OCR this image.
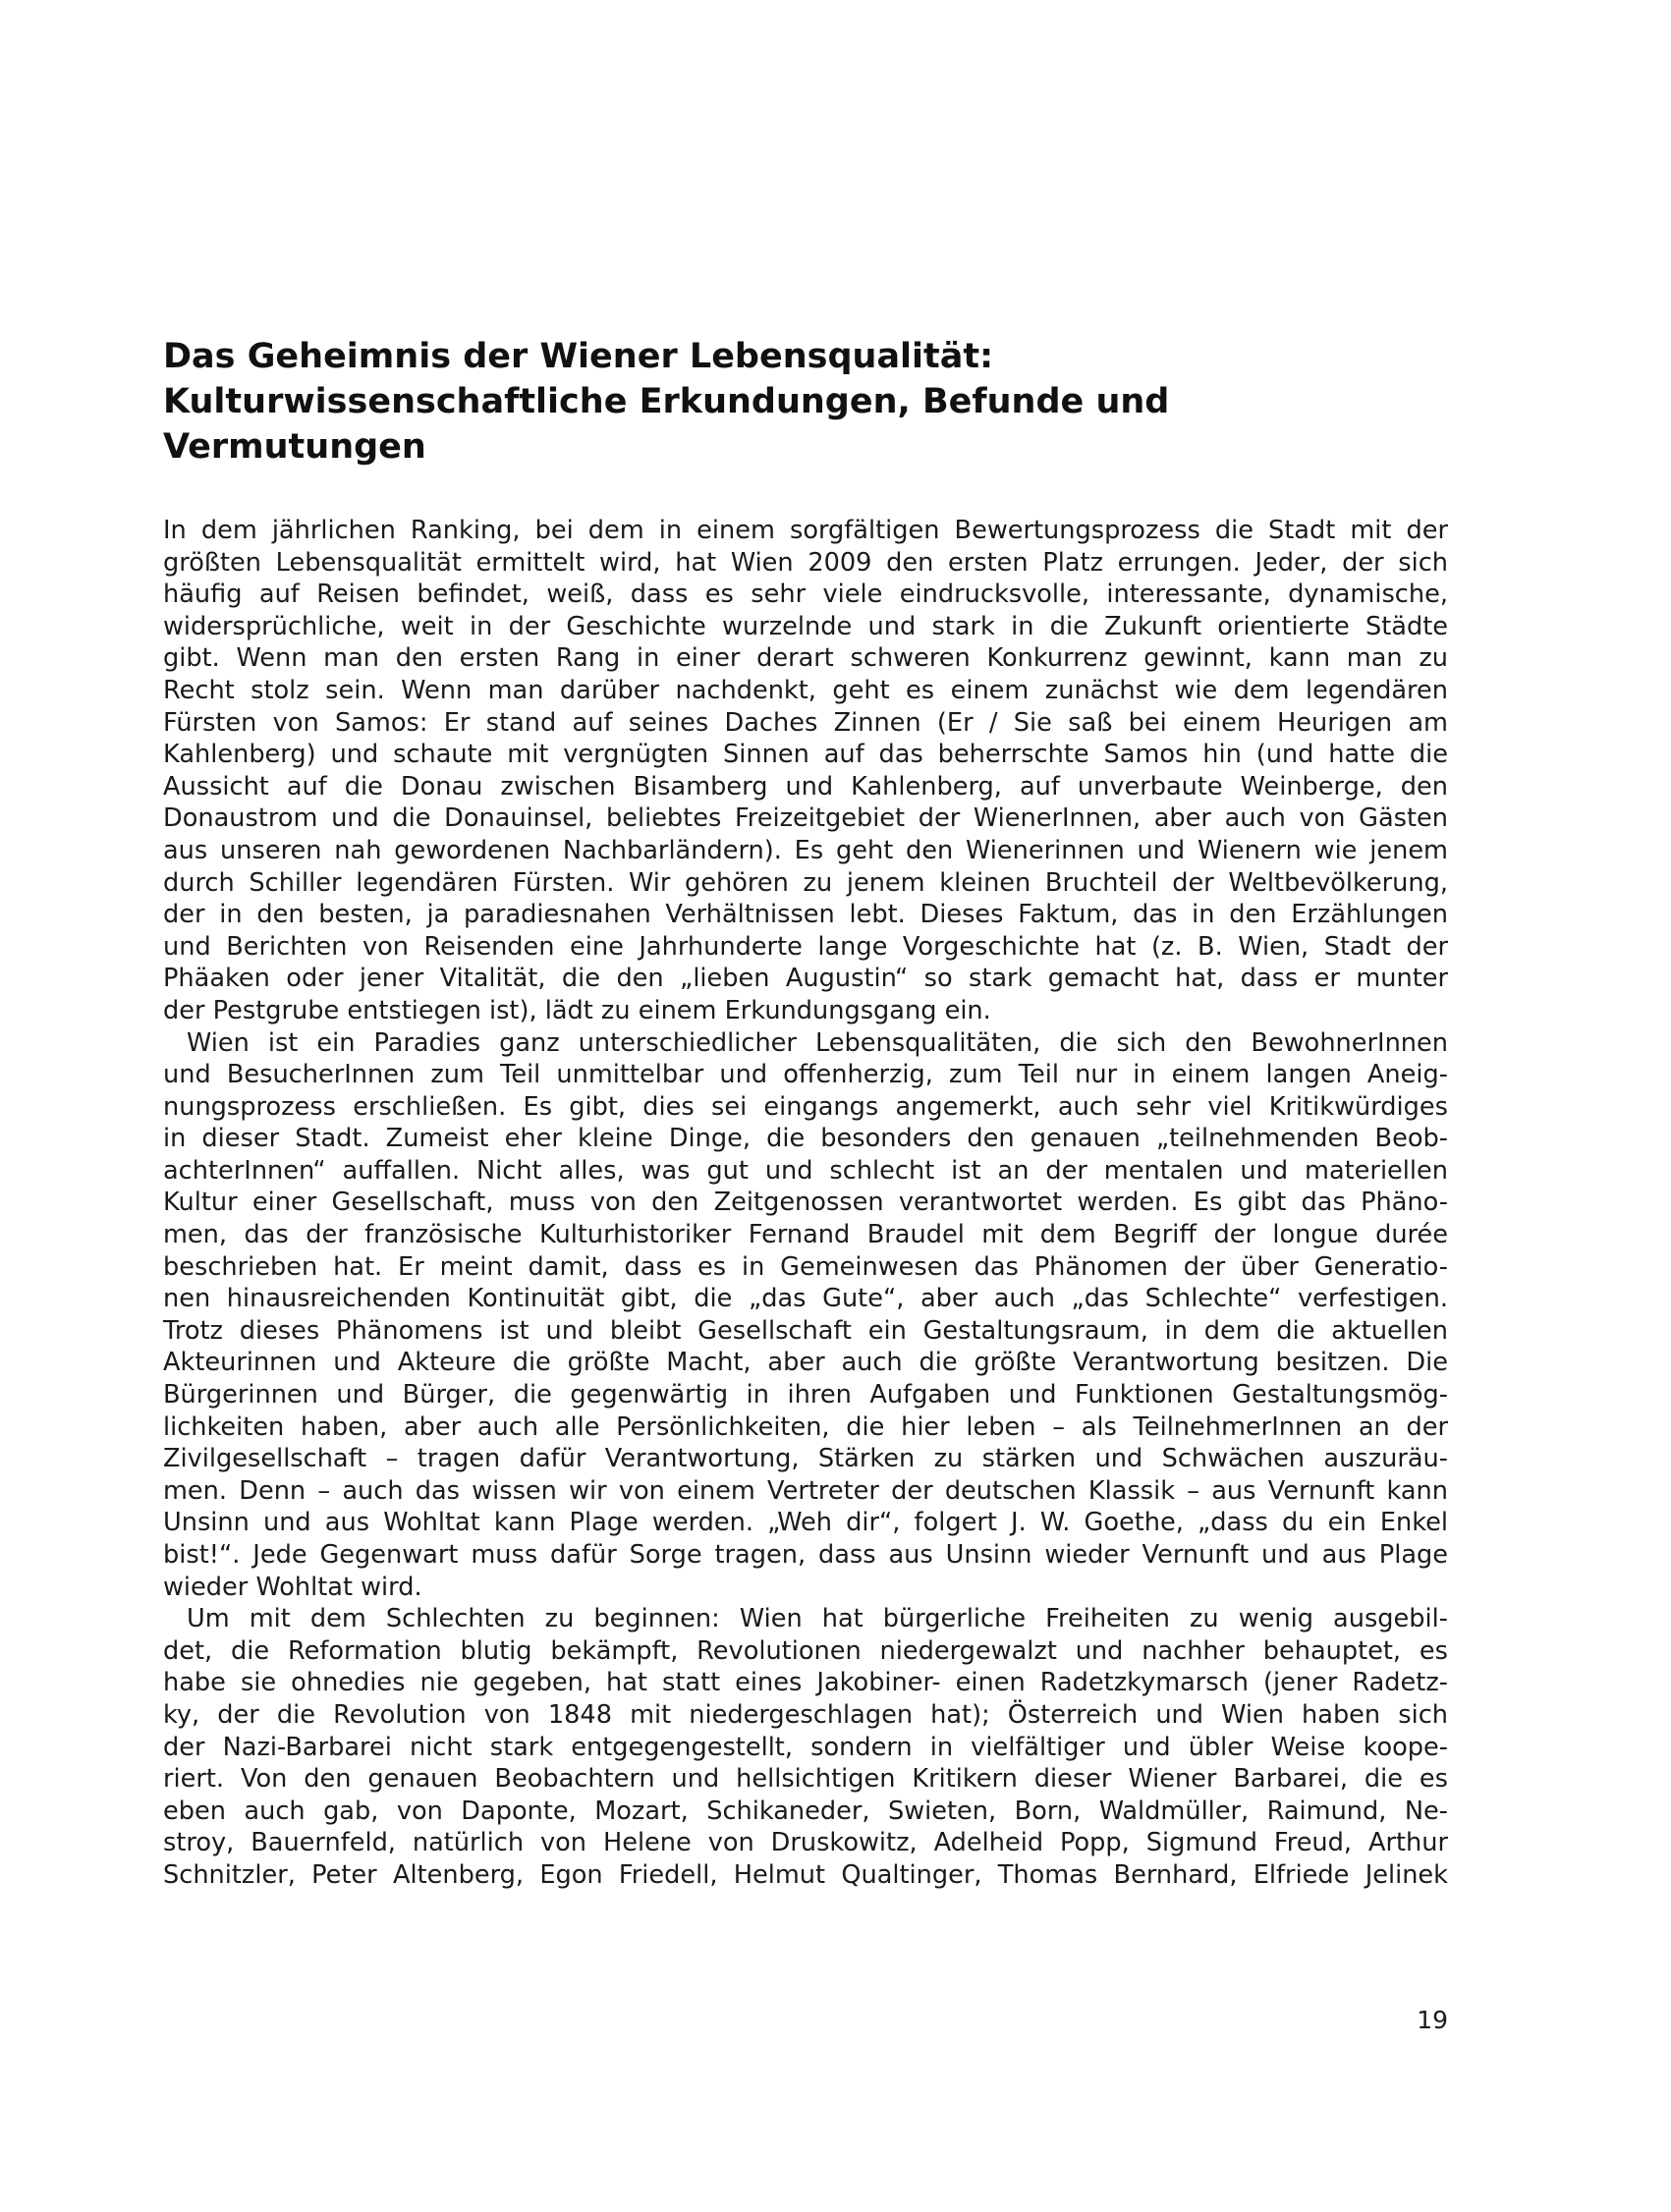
Das Geheimnis der Wiener Lebensqualität:
Kulturwissenschaftliche Erkundungen, Befunde und
Vermutungen

In dem jährlichen Ranking, bei dem in einem sorgfältigen Bewertungsprozess die Stadt mit der
größten Lebensqualität ermittelt wird, hat Wien 2009 den ersten Platz errungen. Jeder, der sich
häufig auf Reisen befindet, weiß, dass es sehr viele eindrucksvolle, interessante, dynamische,
widersprüchliche, weit in der Geschichte wurzelnde und stark in die Zukunft orientierte Städte
gibt. Wenn man den ersten Rang in einer derart schweren Konkurrenz gewinnt, kann man zu
Recht stolz sein. Wenn man darüber nachdenkt, geht es einem zunächst wie dem legendären
Fürsten von Samos: Er stand auf seines Daches Zinnen (Er / Sie saß bei einem Heurigen am
Kahlenberg) und schaute mit vergnügten Sinnen auf das beherrschte Samos hin (und hatte die
Aussicht auf die Donau zwischen Bisamberg und Kahlenberg, auf unverbaute Weinberge, den
Donaustrom und die Donauinsel, beliebtes Freizeitgebiet der WienerInnen, aber auch von Gästen
aus unseren nah gewordenen Nachbarländern). Es geht den Wienerinnen und Wienern wie jenem
durch Schiller legendären Fürsten. Wir gehören zu jenem kleinen Bruchteil der Weltbevölkerung,
der in den besten, ja paradiesnahen Verhältnissen lebt. Dieses Faktum, das in den Erzählungen
und Berichten von Reisenden eine Jahrhunderte lange Vorgeschichte hat (z. B. Wien, Stadt der
Phäaken oder jener Vitalität, die den „lieben Augustin“ so stark gemacht hat, dass er munter
der Pestgrube entstiegen ist), lädt zu einem Erkundungsgang ein.

Wien ist ein Paradies ganz unterschiedlicher Lebensqualitäten, die sich den BewohnerInnen
und BesucherInnen zum Teil unmittelbar und offenherzig, zum Teil nur in einem langen Aneig-
nungsprozess erschließen. Es gibt, dies sei eingangs angemerkt, auch sehr viel Kritikwürdiges
in dieser Stadt. Zumeist eher kleine Dinge, die besonders den genauen „teilnehmenden Beob-
achterInnen“ auffallen. Nicht alles, was gut und schlecht ist an der mentalen und materiellen
Kultur einer Gesellschaft, muss von den Zeitgenossen verantwortet werden. Es gibt das Phäno-
men, das der französische Kulturhistoriker Fernand Braudel mit dem Begriff der longue durée
beschrieben hat. Er meint damit, dass es in Gemeinwesen das Phänomen der über Generatio-
nen hinausreichenden Kontinuität gibt, die „das Gute“, aber auch „das Schlechte“ verfestigen.
Trotz dieses Phänomens ist und bleibt Gesellschaft ein Gestaltungsraum, in dem die aktuellen
Akteurinnen und Akteure die größte Macht, aber auch die größte Verantwortung besitzen. Die
Bürgerinnen und Bürger, die gegenwärtig in ihren Aufgaben und Funktionen Gestaltungsmög-
lichkeiten haben, aber auch alle Persönlichkeiten, die hier leben – als TeilnehmerInnen an der
Zivilgesellschaft – tragen dafür Verantwortung, Stärken zu stärken und Schwächen auszuräu-
men. Denn – auch das wissen wir von einem Vertreter der deutschen Klassik – aus Vernunft kann
Unsinn und aus Wohltat kann Plage werden. „Weh dir“, folgert J. W. Goethe, „dass du ein Enkel
bist!“. Jede Gegenwart muss dafür Sorge tragen, dass aus Unsinn wieder Vernunft und aus Plage
wieder Wohltat wird.

Um mit dem Schlechten zu beginnen: Wien hat bürgerliche Freiheiten zu wenig ausgebil-
det, die Reformation blutig bekämpft, Revolutionen niedergewalzt und nachher behauptet, es
habe sie ohnedies nie gegeben, hat statt eines Jakobiner- einen Radetzkymarsch (jener Radetz-
ky, der die Revolution von 1848 mit niedergeschlagen hat); Österreich und Wien haben sich
der Nazi-Barbarei nicht stark entgegengestellt, sondern in vielfältiger und übler Weise koope-
riert. Von den genauen Beobachtern und hellsichtigen Kritikern dieser Wiener Barbarei, die es
eben auch gab, von Daponte, Mozart, Schikaneder, Swieten, Born, Waldmüller, Raimund, Ne-
stroy, Bauernfeld, natürlich von Helene von Druskowitz, Adelheid Popp, Sigmund Freud, Arthur
Schnitzler, Peter Altenberg, Egon Friedell, Helmut Qualtinger, Thomas Bernhard, Elfriede Jelinek

19
